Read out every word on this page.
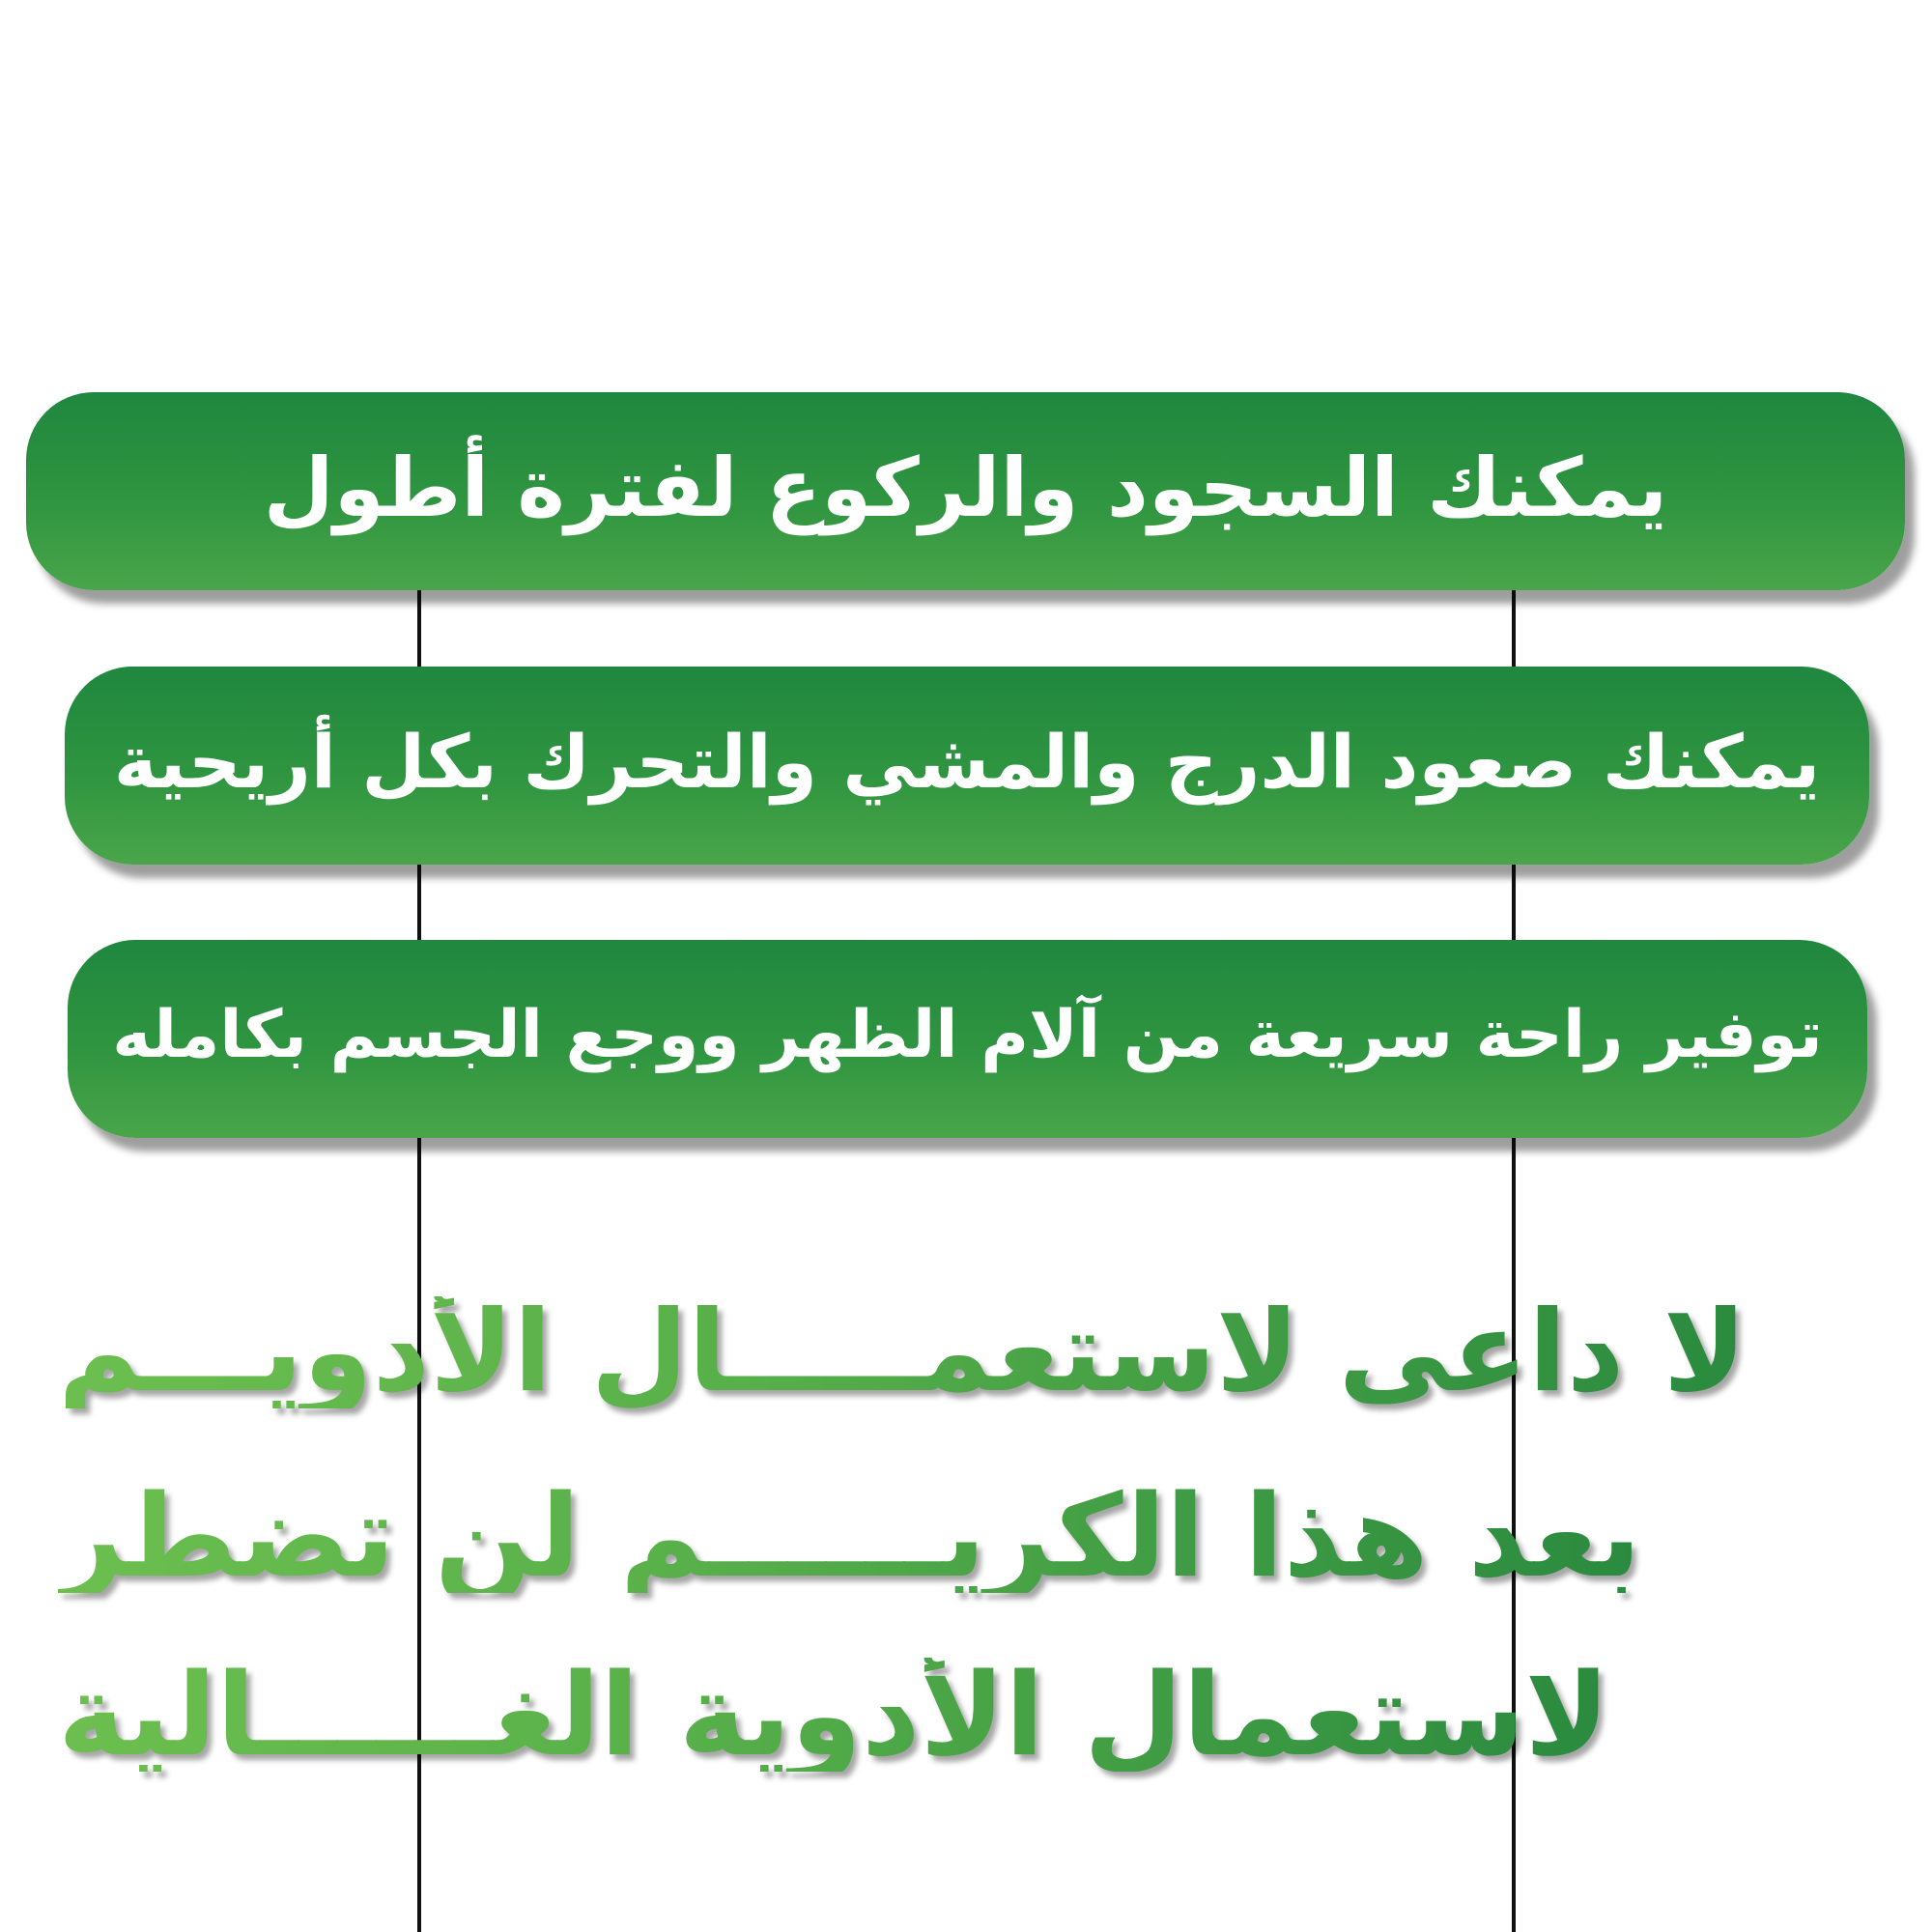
يمكنك السجود والركوع لفترة أطول
يمكنك صعود الدرج والمشي والتحرك بكل أريحية
توفير راحة سريعة من آلام الظهر ووجع الجسم بكامله
لا داعي لاستعمـــــال الأدويـــم
بعد هذا الكريــــــم لن تضطر
لاستعمال الأدوية الغــــــالية
